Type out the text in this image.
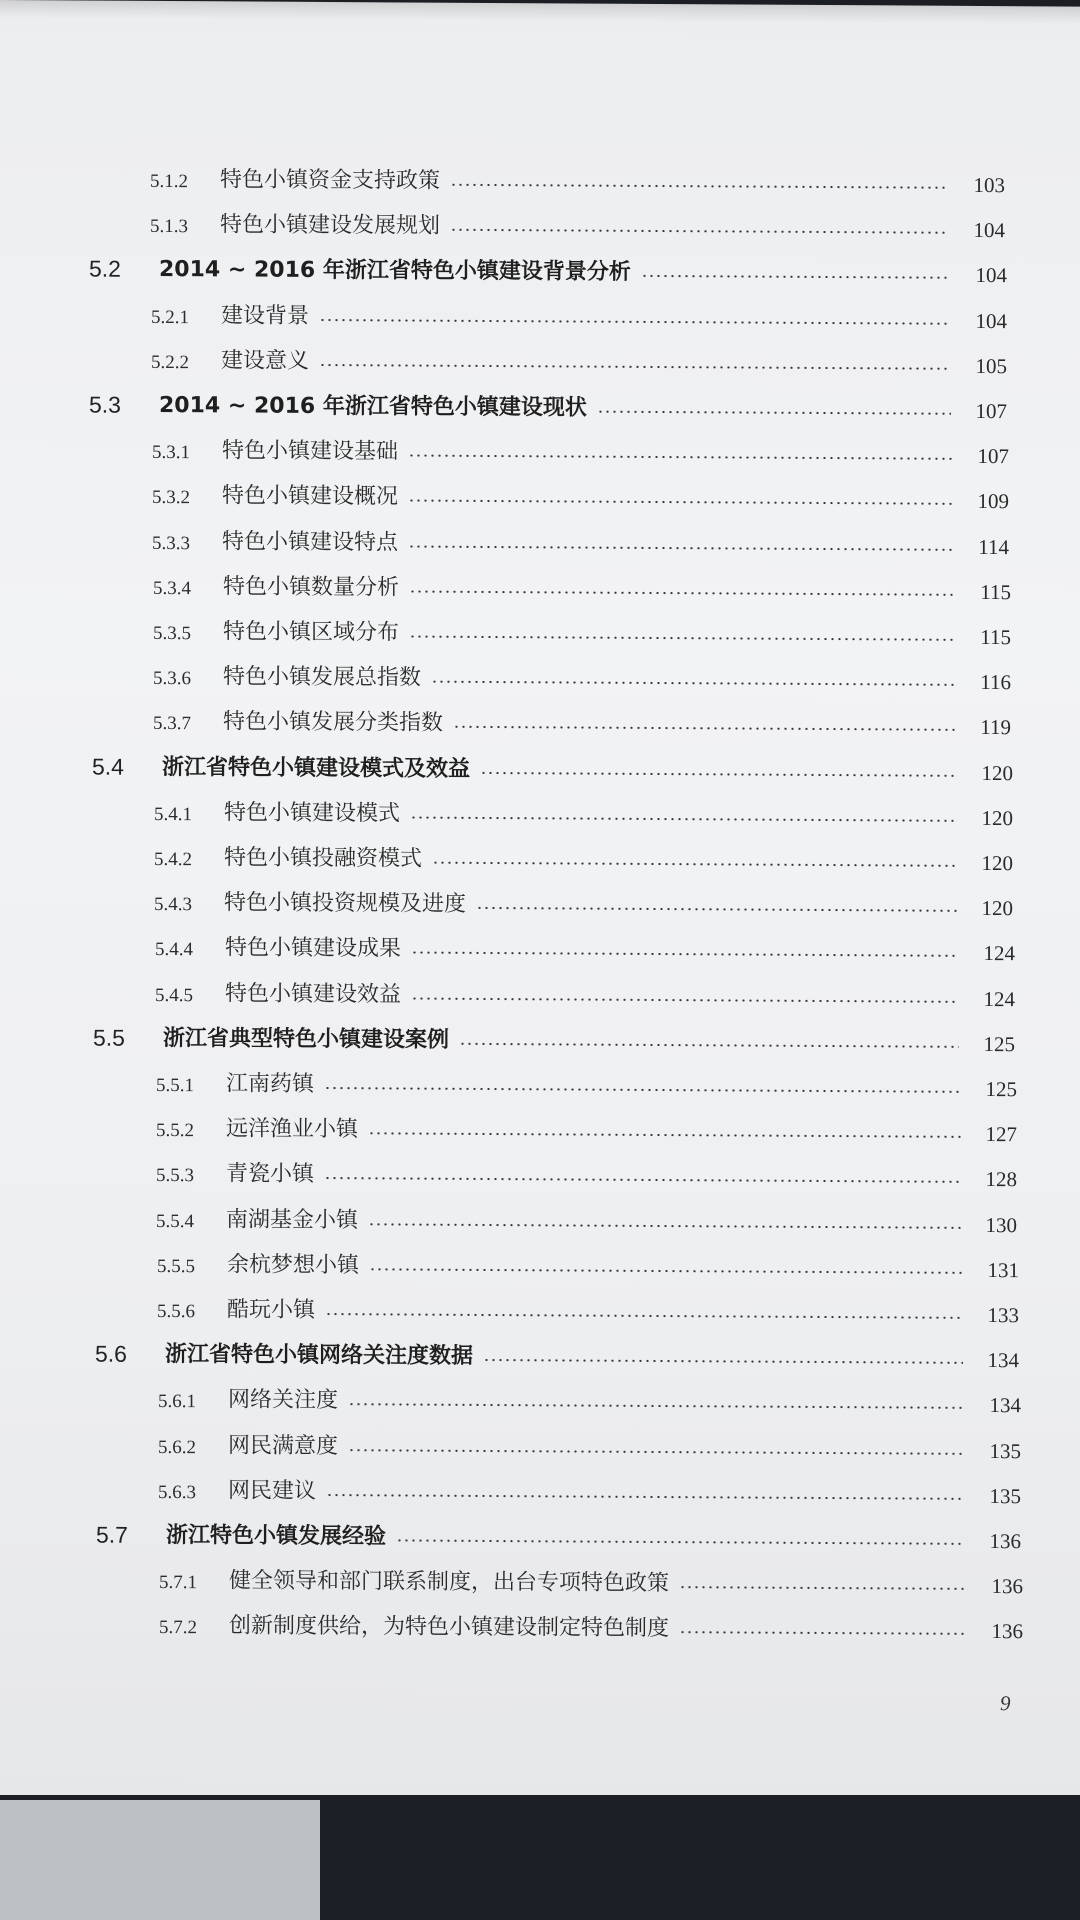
5.1.2	特色小镇资金支持政策	103
5.1.3	特色小镇建设发展规划	104
5.2	2014 ~ 2016 年浙江省特色小镇建设背景分析	104
5.2.1	建设背景	104
5.2.2	建设意义	105
5.3	2014 ~ 2016 年浙江省特色小镇建设现状	107
5.3.1	特色小镇建设基础	107
5.3.2	特色小镇建设概况	109
5.3.3	特色小镇建设特点	114
5.3.4	特色小镇数量分析	115
5.3.5	特色小镇区域分布	115
5.3.6	特色小镇发展总指数	116
5.3.7	特色小镇发展分类指数	119
5.4	浙江省特色小镇建设模式及效益	120
5.4.1	特色小镇建设模式	120
5.4.2	特色小镇投融资模式	120
5.4.3	特色小镇投资规模及进度	120
5.4.4	特色小镇建设成果	124
5.4.5	特色小镇建设效益	124
5.5	浙江省典型特色小镇建设案例	125
5.5.1	江南药镇	125
5.5.2	远洋渔业小镇	127
5.5.3	青瓷小镇	128
5.5.4	南湖基金小镇	130
5.5.5	余杭梦想小镇	131
5.5.6	酷玩小镇	133
5.6	浙江省特色小镇网络关注度数据	134
5.6.1	网络关注度	134
5.6.2	网民满意度	135
5.6.3	网民建议	135
5.7	浙江特色小镇发展经验	136
5.7.1	健全领导和部门联系制度，出台专项特色政策	136
5.7.2	创新制度供给，为特色小镇建设制定特色制度	136
9
